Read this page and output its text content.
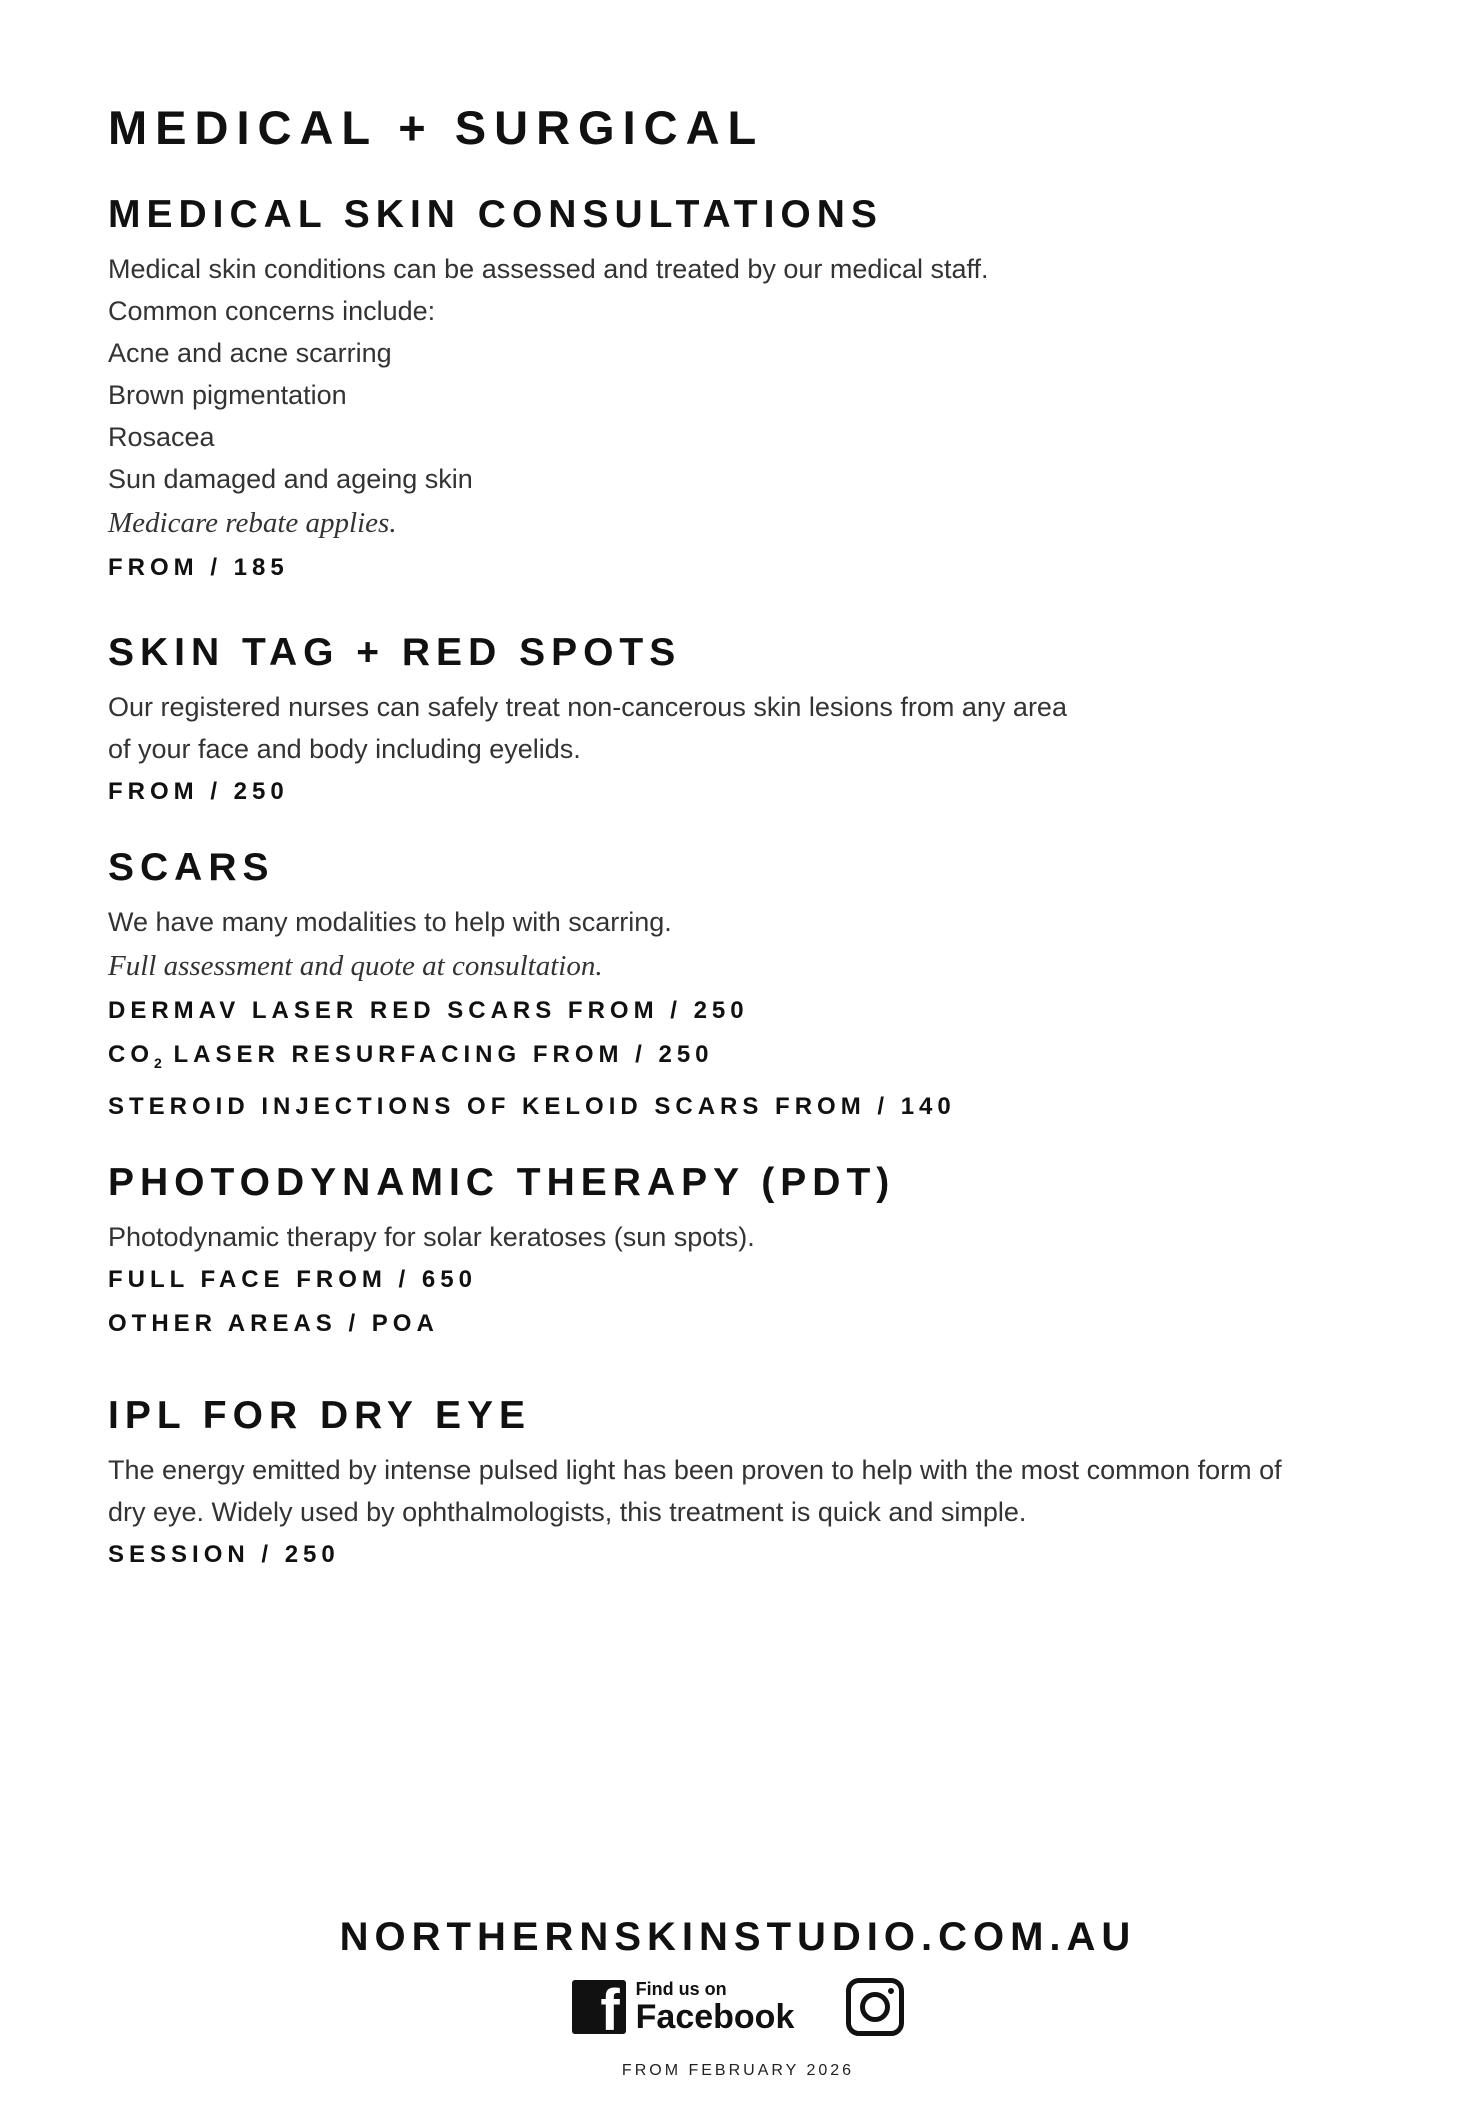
MEDICAL + SURGICAL
MEDICAL SKIN CONSULTATIONS

Medical skin conditions can be assessed and treated by our medical staff.

Common concerns include:

Acne and acne scarring

Brown pigmentation

Rosacea

Sun damaged and ageing skin

Medicare rebate applies.

FROM / 185

SKIN TAG + RED SPOTS

Our registered nurses can safely treat non-cancerous skin lesions from any area

of your face and body including eyelids.

FROM / 250

SCARS

We have many modalities to help with scarring.

Full assessment and quote at consultation.

DERMAV LASER RED SCARS FROM / 250

$CO_2$ LASER RESURFACING FROM / 250

STEROID INJECTIONS OF KELOID SCARS FROM / 140

PHOTODYNAMIC THERAPY (PDT)

Photodynamic therapy for solar keratoses (sun spots).

FULL FACE FROM / 650

OTHER AREAS / POA

IPL FOR DRY EYE

The energy emitted by intense pulsed light has been proven to help with the most common form of

dry eye. Widely used by ophthalmologists, this treatment is quick and simple.

SESSION / 250

NORTHERNSKINSTUDIO.COM.AU

f Find us on
Facebook
FROM FEBRUARY 2026
